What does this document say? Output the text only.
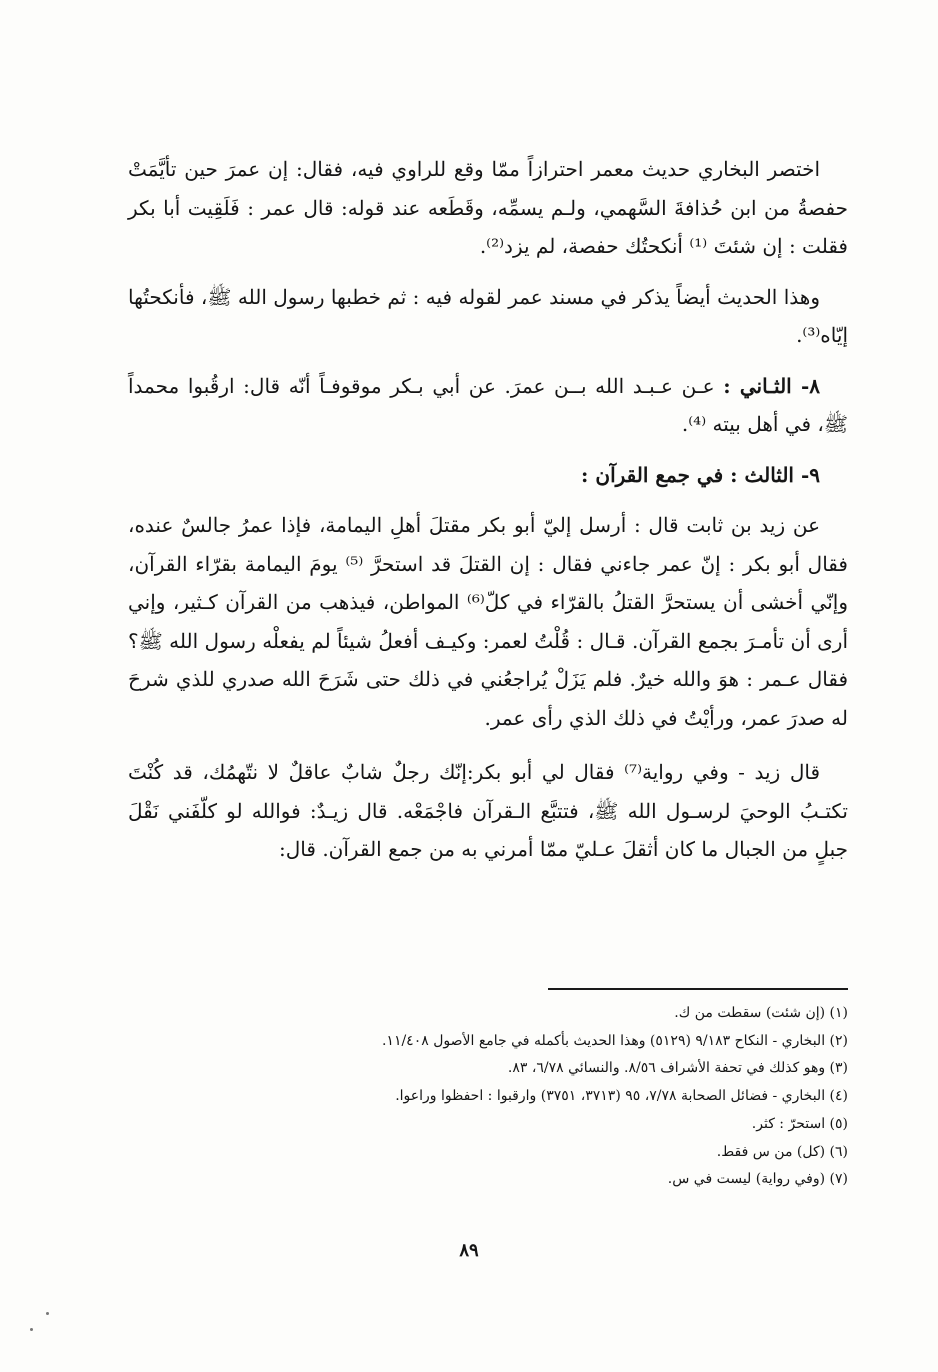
اختصر البخاري حديث معمر احترازاً ممّا وقع للراوي فيه، فقال: إن عمرَ حين تأيَّمَتْ حفصةُ من ابن حُذافةَ السَّهمي، ولـم يسمِّه، وقَطَعه عند قوله: قال عمر : فَلَقِيت أبا بكر فقلت : إن شئتَ ⁽¹⁾ أنكحتُك حفصة، لم يزد⁽²⁾.

وهذا الحديث أيضاً يذكر في مسند عمر لقوله فيه : ثم خطبها رسول الله ﷺ، فأنكحتُها إيّاه⁽³⁾.

٨- الثـاني : عـن عـبـد الله بــن عمرَ. عن أبي بـكر موقوفـاً أنّه قال: ارقُبوا محمداً ﷺ، في أهل بيته ⁽⁴⁾.

٩- الثالث : في جمع القرآن :

عن زيد بن ثابت قال : أرسل إليّ أبو بكر مقتلَ أهلِ اليمامة، فإذا عمرُ جالسٌ عنده، فقال أبو بكر : إنّ عمر جاءني فقال : إن القتلَ قد استحرَّ ⁽⁵⁾ يومَ اليمامة بقرّاء القرآن، وإنّي أخشى أن يستحرَّ القتلُ بالقرّاء في كلّ⁽⁶⁾ المواطن، فيذهب من القرآن كـثير، وإني أرى أن تأمـرَ بجمع القرآن. قـال : قُلْتُ لعمر: وكيـف أفعلُ شيئاً لم يفعلْه رسول الله ﷺ؟ فقال عـمر : هوَ والله خيرٌ. فلم يَزَلْ يُراجعُني في ذلك حتى شَرَحَ الله صدري للذي شرحَ له صدرَ عمر، ورأيْتُ في ذلك الذي رأى عمر.

قال زيد - وفي رواية⁽⁷⁾ فقال لي أبو بكر:إنّك رجلٌ شابٌ عاقلٌ لا نتّهمُك، قد كُنْتَ تكتـبُ الوحيَ لرسـول الله ﷺ، فتتبَّع الـقرآن فاجْمَعْه. قال زيـدٌ: فوالله لو كلّفَني نَقْلَ جبلٍ من الجبال ما كان أثقلَ عـليّ ممّا أمرني به من جمع القرآن. قال:

(١) (إن شئت) سقطت من ك.

(٢) البخاري - النكاح ٩/١٨٣ (٥١٢٩) وهذا الحديث بأكمله في جامع الأصول ١١/٤٠٨.

(٣) وهو كذلك في تحفة الأشراف ٨/٥٦. والنسائي ٦/٧٨، ٨٣.

(٤) البخاري - فضائل الصحابة ٧/٧٨، ٩٥ (٣٧١٣، ٣٧٥١) وارقبوا : احفظوا وراعوا.

(٥) استحرّ : كثر.

(٦) (كل) من س فقط.

(٧) (وفي رواية) ليست في س.

٨٩
